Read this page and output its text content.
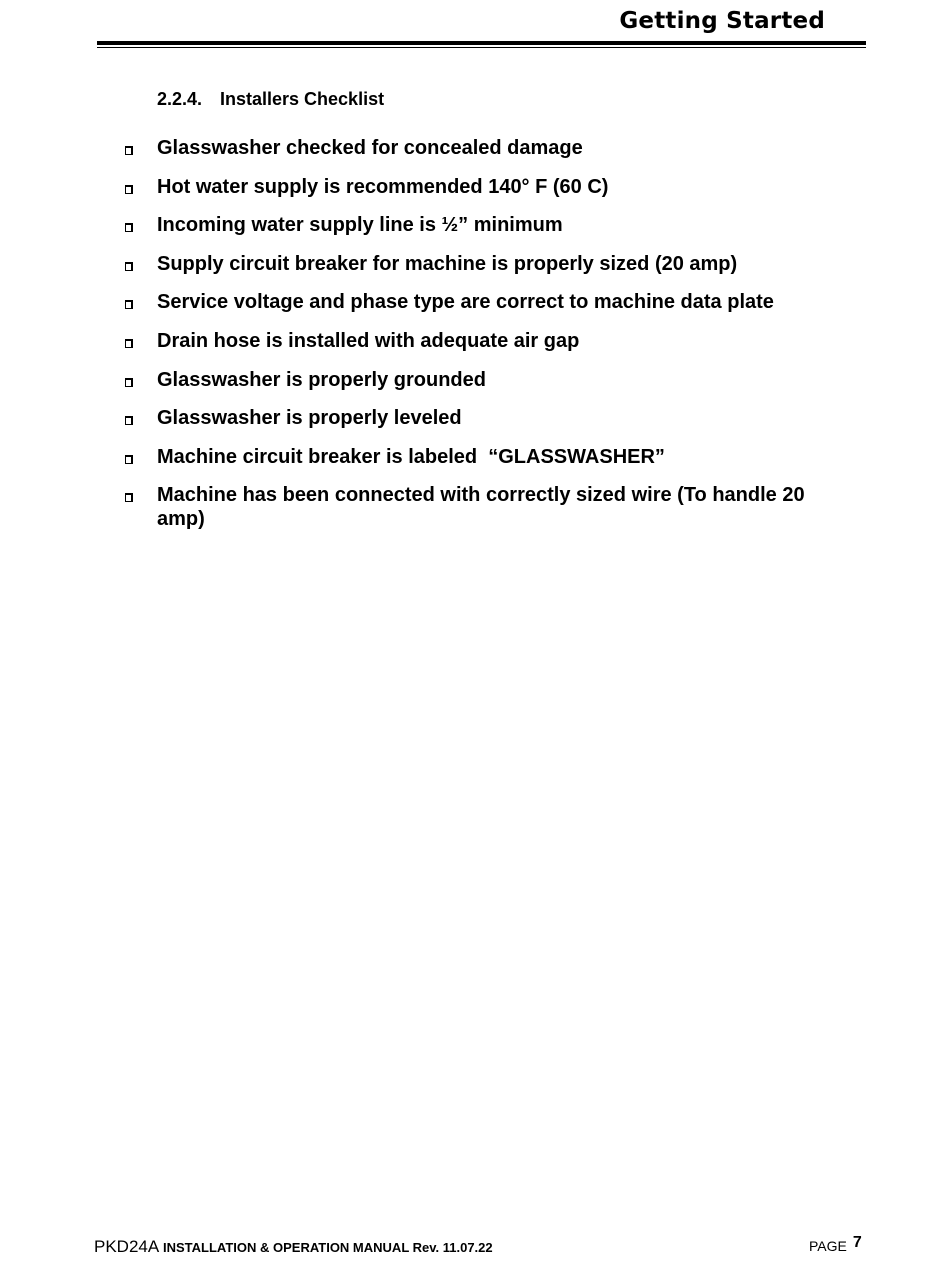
Getting Started
2.2.4. Installers Checklist
Glasswasher checked for concealed damage
Hot water supply is recommended 140° F (60 C)
Incoming water supply line is ½” minimum
Supply circuit breaker for machine is properly sized (20 amp)
Service voltage and phase type are correct to machine data plate
Drain hose is installed with adequate air gap
Glasswasher is properly grounded
Glasswasher is properly leveled
Machine circuit breaker is labeled  “GLASSWASHER”
Machine has been connected with correctly sized wire (To handle 20 amp)
PKD24A INSTALLATION & OPERATION MANUAL Rev. 11.07.22	PAGE 7
